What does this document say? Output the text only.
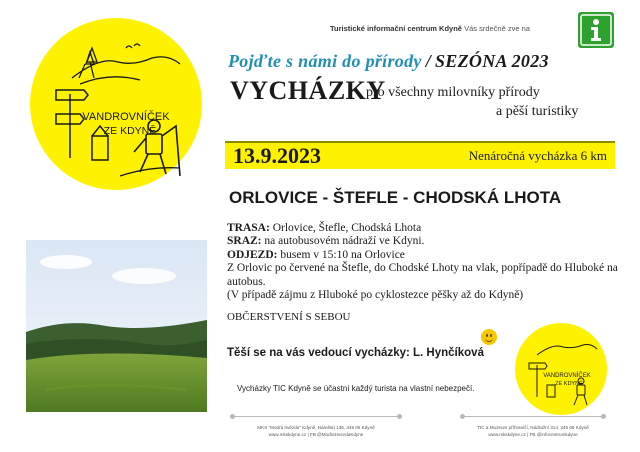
Turistické informační centrum Kdyně Vás srdečně zve na
VANDROVNÍČEK
ZE KDYNĚ
Pojďte s námi do přírody / SEZÓNA 2023
VYCHÁZKY
pro všechny milovníky přírody
a pěší turistiky
13.9.2023	Nenáročná vycházka 6 km
ORLOVICE - ŠTEFLE - CHODSKÁ LHOTA
TRASA: Orlovice, Štefle, Chodská Lhota
SRAZ: na autobusovém nádraží ve Kdyni.
ODJEZD: busem v 15:10 na Orlovice
Z Orlovic po červené na Štefle, do Chodské Lhoty na vlak, popřípadě do Hluboké na
autobus.
(V případě zájmu z Hluboké po cyklostezce pěšky až do Kdyně)
OBČERSTVENÍ S SEBOU
Těší se na vás vedoucí vycházky: L. Hynčíková
Vycházky TIC Kdyně se účastní každý turista na vlastní nebezpečí.
VANDROVNÍČEK
ZE KDYNĚ
MKS "Modrá hvězda" Kdyně, Náměstí 136, 345 06 Kdyně
www.mkskdyne.cz | FB @ModraHvezdaKdyne
TIC a Muzeum příhraničí, Nádražní 314, 345 06 Kdyně
www.mkskdyne.cz | FB @infocentrumkdyne
